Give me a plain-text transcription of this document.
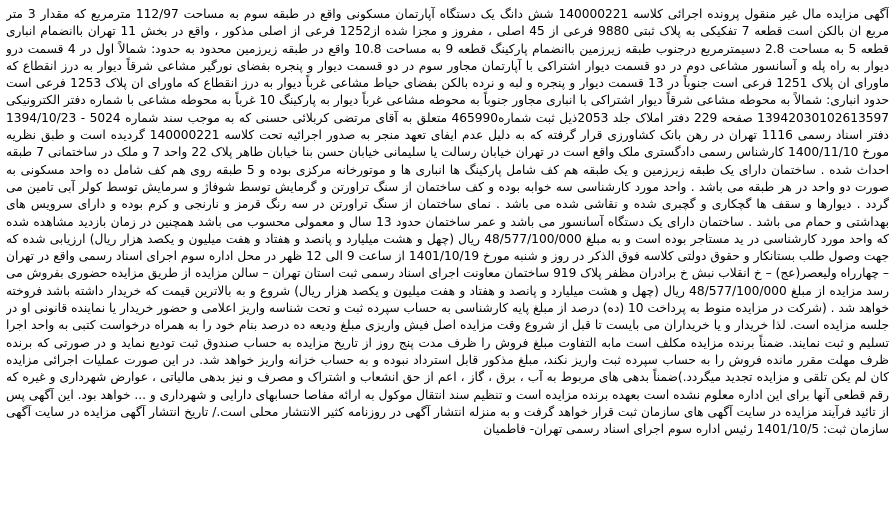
آگهی مزایده مال غیر منقول پرونده اجرائی کلاسه 140000221 شش دانگ یک دستگاه آپارتمان مسکونی واقع در طبقه سوم به مساحت 112/97 مترمربع که مقدار 3 متر مربع ان بالکن است قطعه 7 تفکیکی به پلاک ثبتی 9880 فرعی از 45 اصلی ، مفروز و مجزا شده از1252 فرعی از اصلی مذکور ، واقع در بخش 11 تهران باانضمام انباری قطعه 5 به مساحت 2.8 دسیمترمربع درجنوب طبقه زیرزمین باانضمام پارکینگ قطعه 9 به مساحت 10.8 واقع در طبقه زیرزمین محدود به حدود: شمالاً اول در 4 قسمت درو دیوار به راه پله و آسانسور مشاعی دوم در دو قسمت دیوار اشتراکی با آپارتمان مجاور سوم در دو قسمت دیوار و پنجره بفضای نورگیر مشاعی شرقاً دیوار به درز انقطاع که ماورای ان پلاک 1251 فرعی است جنوباً در 13 قسمت دیوار و پنجره و لبه و نرده بالکن بفضای حیاط مشاعی غرباً دیوار به درز انقطاع که ماورای ان پلاک 1253 فرعی است حدود انباری: شمالاً به محوطه مشاعی شرقاً دیوار اشتراکی با انباری مجاور جنوباً به محوطه مشاعی غرباً دیوار به پارکینگ 10 غرباً به محوطه مشاعی با شماره دفتر الکترونیکی 13942030102613597 صفحه 229 دفتر املاک جلد 2053ذیل ثبت شماره465990 متعلق به آقای مرتضی کربلائی حسنی که به موجب سند شماره 5024 - 1394/10/23 دفتر اسناد رسمی 1116 تهران در رهن بانک کشاورزی قرار گرفته که به دلیل عدم ایفای تعهد منجر به صدور اجرائیه تحت کلاسه 140000221 گردیده است و طبق نظریه مورخ 1400/11/10 کارشناس رسمی دادگستری ملک واقع است در تهران خیابان رسالت یا سلیمانی خیابان حسن بنا خیابان طاهر پلاک 22 واحد 7 و ملک در ساختمانی 7 طبقه احداث شده . ساختمان دارای یک طبقه زیرزمین و یک طبقه هم کف شامل پارکینگ ها انباری ها و موتورخانه مرکزی بوده و 5 طبقه روی هم کف شامل ده واحد مسکونی به صورت دو واحد در هر طبقه می باشد . واحد مورد کارشناسی سه خوابه بوده و کف ساختمان از سنگ تراورتن و گرمایش توسط شوفاژ و سرمایش توسط کولر آبی تامین می گردد . دیوارها و سقف ها گچکاری و گچبری شده و نقاشی شده می باشد . نمای ساختمان از سنگ تراورتن در سه رنگ قرمز و نارنجی و کرم بوده و دارای سرویس های بهداشتی و حمام می باشد . ساختمان دارای یک دستگاه آسانسور می باشد و عمر ساختمان حدود 13 سال و معمولی محسوب می باشد همچنین در زمان بازدید مشاهده شده که واحد مورد کارشناسی در ید مستاجر بوده است و به مبلغ 48/577/100/000 ریال (چهل و هشت میلیارد و پانصد و هفتاد و هفت میلیون و یکصد هزار ریال) ارزیابی شده که جهت وصول طلب بستانکار و حقوق دولتی کلاسه فوق الذکر در روز و شنبه مورخ 1401/10/19 از ساعت 9 الی 12 ظهر در محل اداره سوم اجرای اسناد رسمی واقع در تهران – چهارراه ولیعصر(عج) – خ انقلاب نبش خ برادران مظفر پلاک 919 ساختمان معاونت اجرای اسناد رسمی ثبت استان تهران – سالن مزایده از طریق مزایده حضوری بفروش می رسد مزایده از مبلغ 48/577/100/000 ریال (چهل و هشت میلیارد و پانصد و هفتاد و هفت میلیون و یکصد هزار ریال) شروع و به بالاترین قیمت که خریدار داشته باشد فروخته خواهد شد . (شرکت در مزایده منوط به پرداخت 10 (ده) درصد از مبلغ پایه کارشناسی به حساب سپرده ثبت و تحت شناسه واریز اعلامی و حضور خریدار یا نماینده قانونی او در جلسه مزایده است. لذا خریدار و یا خریداران می بایست تا قبل از شروع وقت مزایده اصل فیش واریزی مبلغ ودیعه ده درصد بنام خود را به همراه درخواست کتبی به واحد اجرا تسلیم و ثبت نمایند. ضمناً برنده مزایده مکلف است مابه التفاوت مبلغ فروش را ظرف مدت پنج روز از تاریخ مزایده به حساب صندوق ثبت تودیع نماید و در صورتی که برنده ظرف مهلت مقرر مانده فروش را به حساب سپرده ثبت واریز نکند، مبلغ مذکور قابل استرداد نبوده و به حساب خزانه واریز خواهد شد. در این صورت عملیات اجرائی مزایده کان لم یکن تلقی و مزایده تجدید میگردد.)ضمناً بدهی های مربوط به آب ، برق ، گاز ، اعم از حق انشعاب و اشتراک و مصرف و نیز بدهی مالیاتی ، عوارض شهرداری و غیره که رقم قطعی آنها برای این اداره معلوم نشده است بعهده برنده مزایده است و تنظیم سند انتقال موکول به ارائه مفاصا حسابهای دارایی و شهرداری و ... خواهد بود. این آگهی پس از تائید فرآیند مزایده در سایت آگهی های سازمان ثبت قرار خواهد گرفت و به منزله انتشار آگهی در روزنامه کثیر الانتشار محلی است./ تاریخ انتشار آگهی مزایده در سایت آگهی سازمان ثبت: 1401/10/5 رئیس اداره سوم اجرای اسناد رسمی تهران- فاطمیان
